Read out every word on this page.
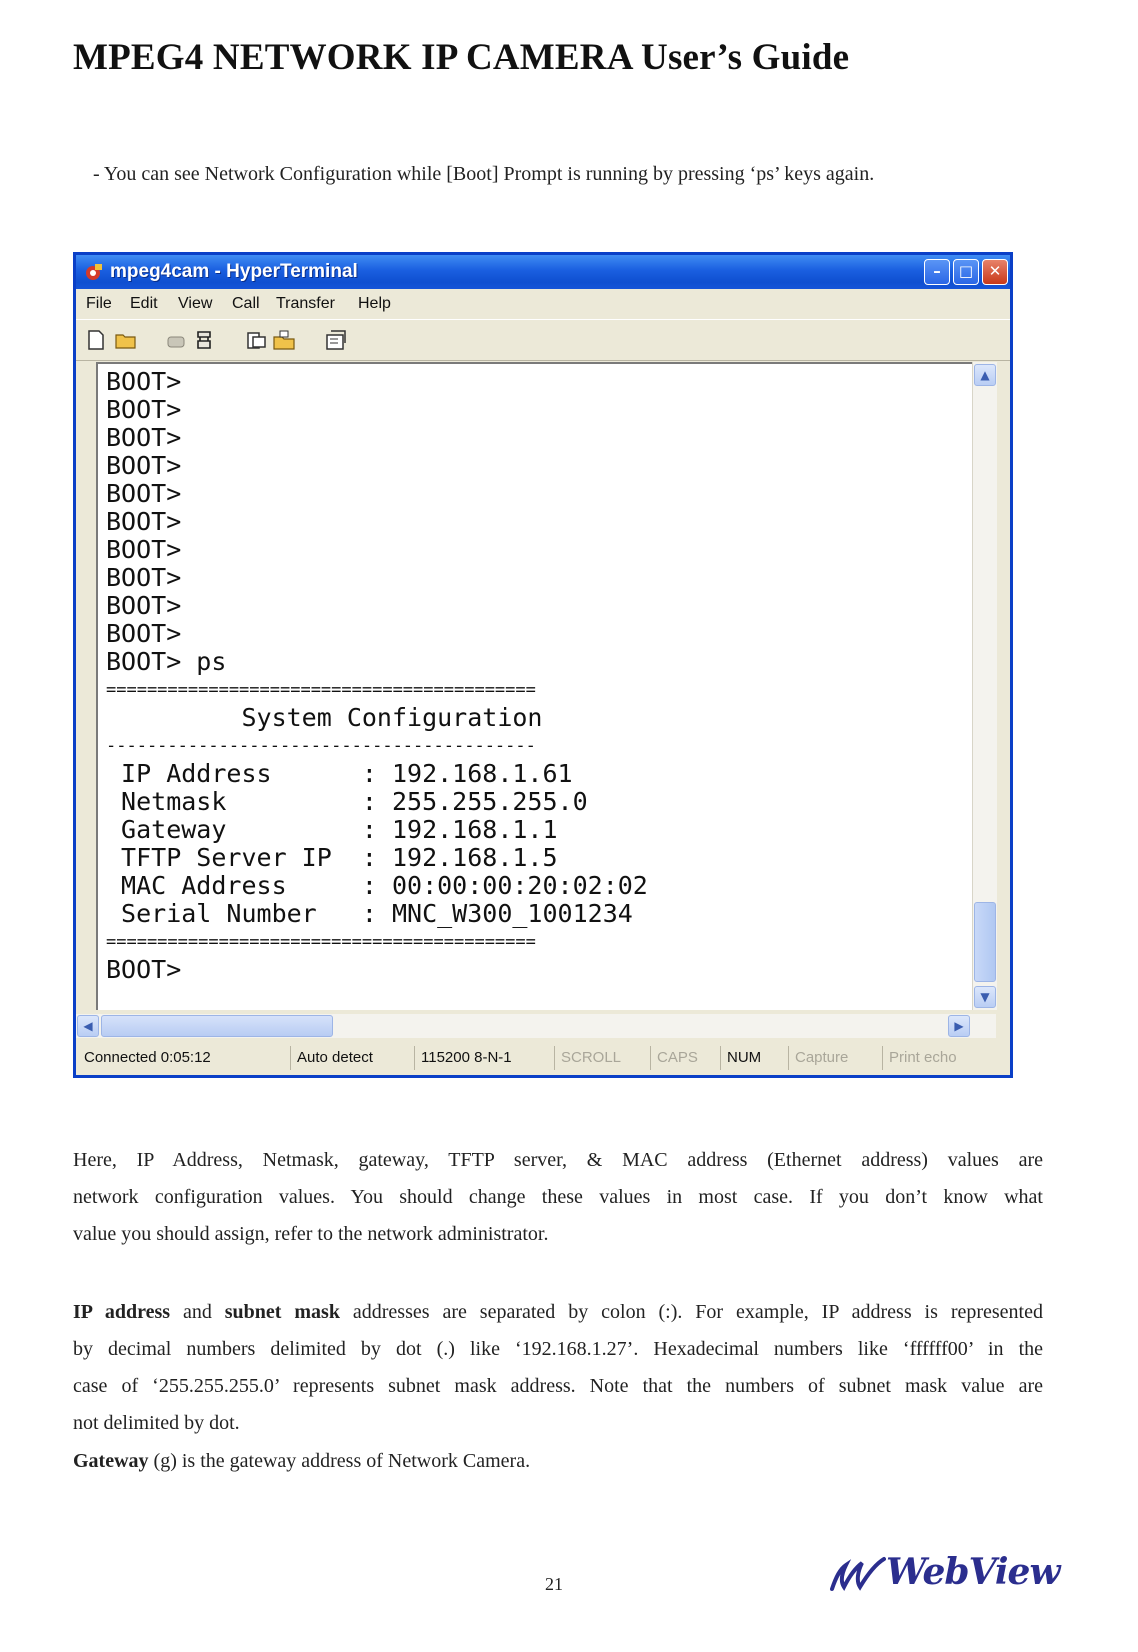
MPEG4 NETWORK IP CAMERA User’s Guide
- You can see Network Configuration while [Boot] Prompt is running by pressing ‘ps’ keys again.
mpeg4cam - HyperTerminal	–	□	✕
File Edit View Call Transfer Help
BOOT>
BOOT>
BOOT>
BOOT>
BOOT>
BOOT>
BOOT>
BOOT>
BOOT>
BOOT>
BOOT> ps
==========================================
System Configuration
------------------------------------------
IP Address      : 192.168.1.61
Netmask         : 255.255.255.0
Gateway         : 192.168.1.1
TFTP Server IP  : 192.168.1.5
MAC Address     : 00:00:00:20:02:02
Serial Number   : MNC_W300_1001234
==========================================
BOOT>
▲
▼
◀	▶
Connected 0:05:12	Auto detect	115200 8-N-1	SCROLL	CAPS	NUM	Capture	Print echo
Here, IP Address, Netmask, gateway, TFTP server, & MAC address (Ethernet address) values are
network configuration values. You should change these values in most case. If you don’t know what
value you should assign, refer to the network administrator.
IP address and subnet mask addresses are separated by colon (:). For example, IP address is represented
by decimal numbers delimited by dot (.) like ‘192.168.1.27’. Hexadecimal numbers like ‘ffffff00’ in the
case of ‘255.255.255.0’ represents subnet mask address. Note that the numbers of subnet mask value are
not delimited by dot.
Gateway (g) is the gateway address of Network Camera.
21	WebView
